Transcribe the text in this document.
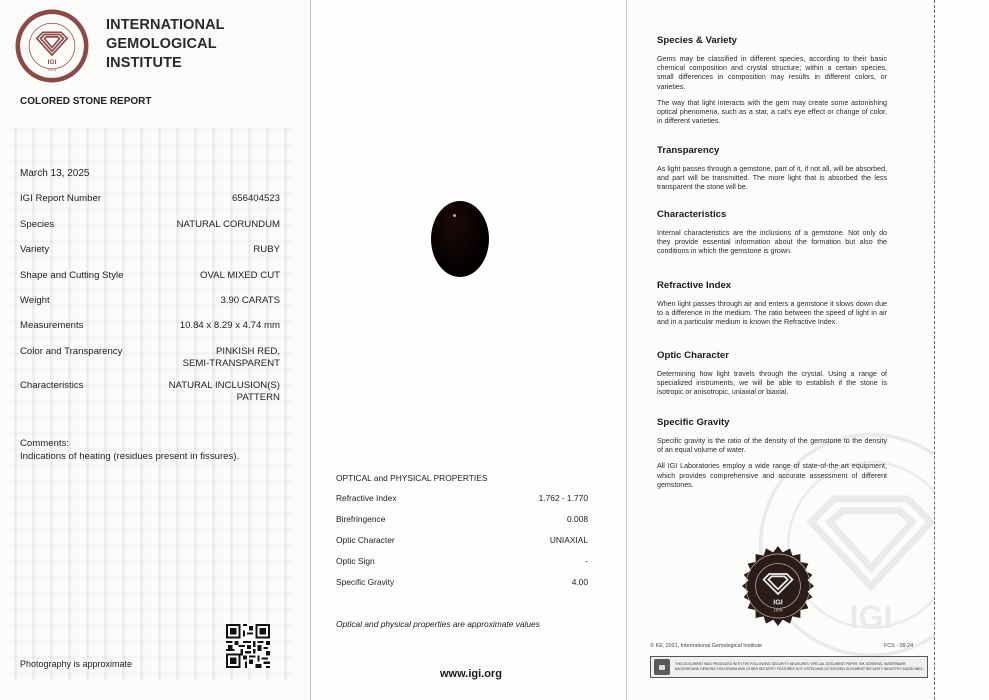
IGI
1975
INTERNATIONAL
GEMOLOGICAL
INSTITUTE
COLORED STONE REPORT
March 13, 2025
IGI Report Number	656404523
Species	NATURAL CORUNDUM
Variety	RUBY
Shape and Cutting Style	OVAL MIXED CUT
Weight	3.90 CARATS
Measurements	10.84 x 8.29 x 4.74 mm
Color and Transparency	PINKISH RED,
SEMI-TRANSPARENT
Characteristics	NATURAL INCLUSION(S)
PATTERN
Comments:
Indications of heating (residues present in fissures).
Photography is approximate
OPTICAL and PHYSICAL PROPERTIES
Refractive Index	1.762 - 1.770
Birefringence	0.008
Optic Character	UNIAXIAL
Optic Sign	-
Specific Gravity	4.00
Optical and physical properties are approximate values
www.igi.org
IGI
Species & Variety

Gems may be classified in different species, according to their basic chemical composition and crystal structure; within a certain species, small differences in composition may results in different colors, or varieties.

The way that light interacts with the gem may create some astonishing optical phenomena, such as a star, a cat's eye effect or change of color, in different varieties.

Transparency

As light passes through a gemstone, part of it, if not all, will be absorbed, and part will be transmitted. The more light that is absorbed the less transparent the stone will be.

Characteristics

Internal characteristics are the inclusions of a gemstone. Not only do they provide essential information about the formation but also the conditions in which the gemstone is grown.

Refractive Index

When light passes through air and enters a gemstone it slows down due to a difference in the medium. The ratio between the speed of light in air and in a particular medium is known the Refractive Index.

Optic Character

Determining how light travels through the crystal. Using a range of specialized instruments, we will be able to establish if the stone is isotropic or anisotropic, uniaxial or biaxial.

Specific Gravity

Specific gravity is the ratio of the density of the gemstone to the density of an equal volume of water.

All IGI Laboratories employ a wide range of state-of-the-art equipment, which provides comprehensive and accurate assessment of different gemstones.

IGI
1975
© IGI, 2021, International Gemological Institute	FCS - 09.24
THIS DOCUMENT WAS PRODUCED WITH THE FOLLOWING SECURITY MEASURES: SPECIAL DOCUMENT PAPER, INK SCREENS, WATERMARK BACKGROUND DESIGNS, HOLOGRAM AND OTHER SECURITY FEATURES NOT LISTED AND GO EXCEED DOCUMENT SECURITY INDUSTRY GUIDELINES.
